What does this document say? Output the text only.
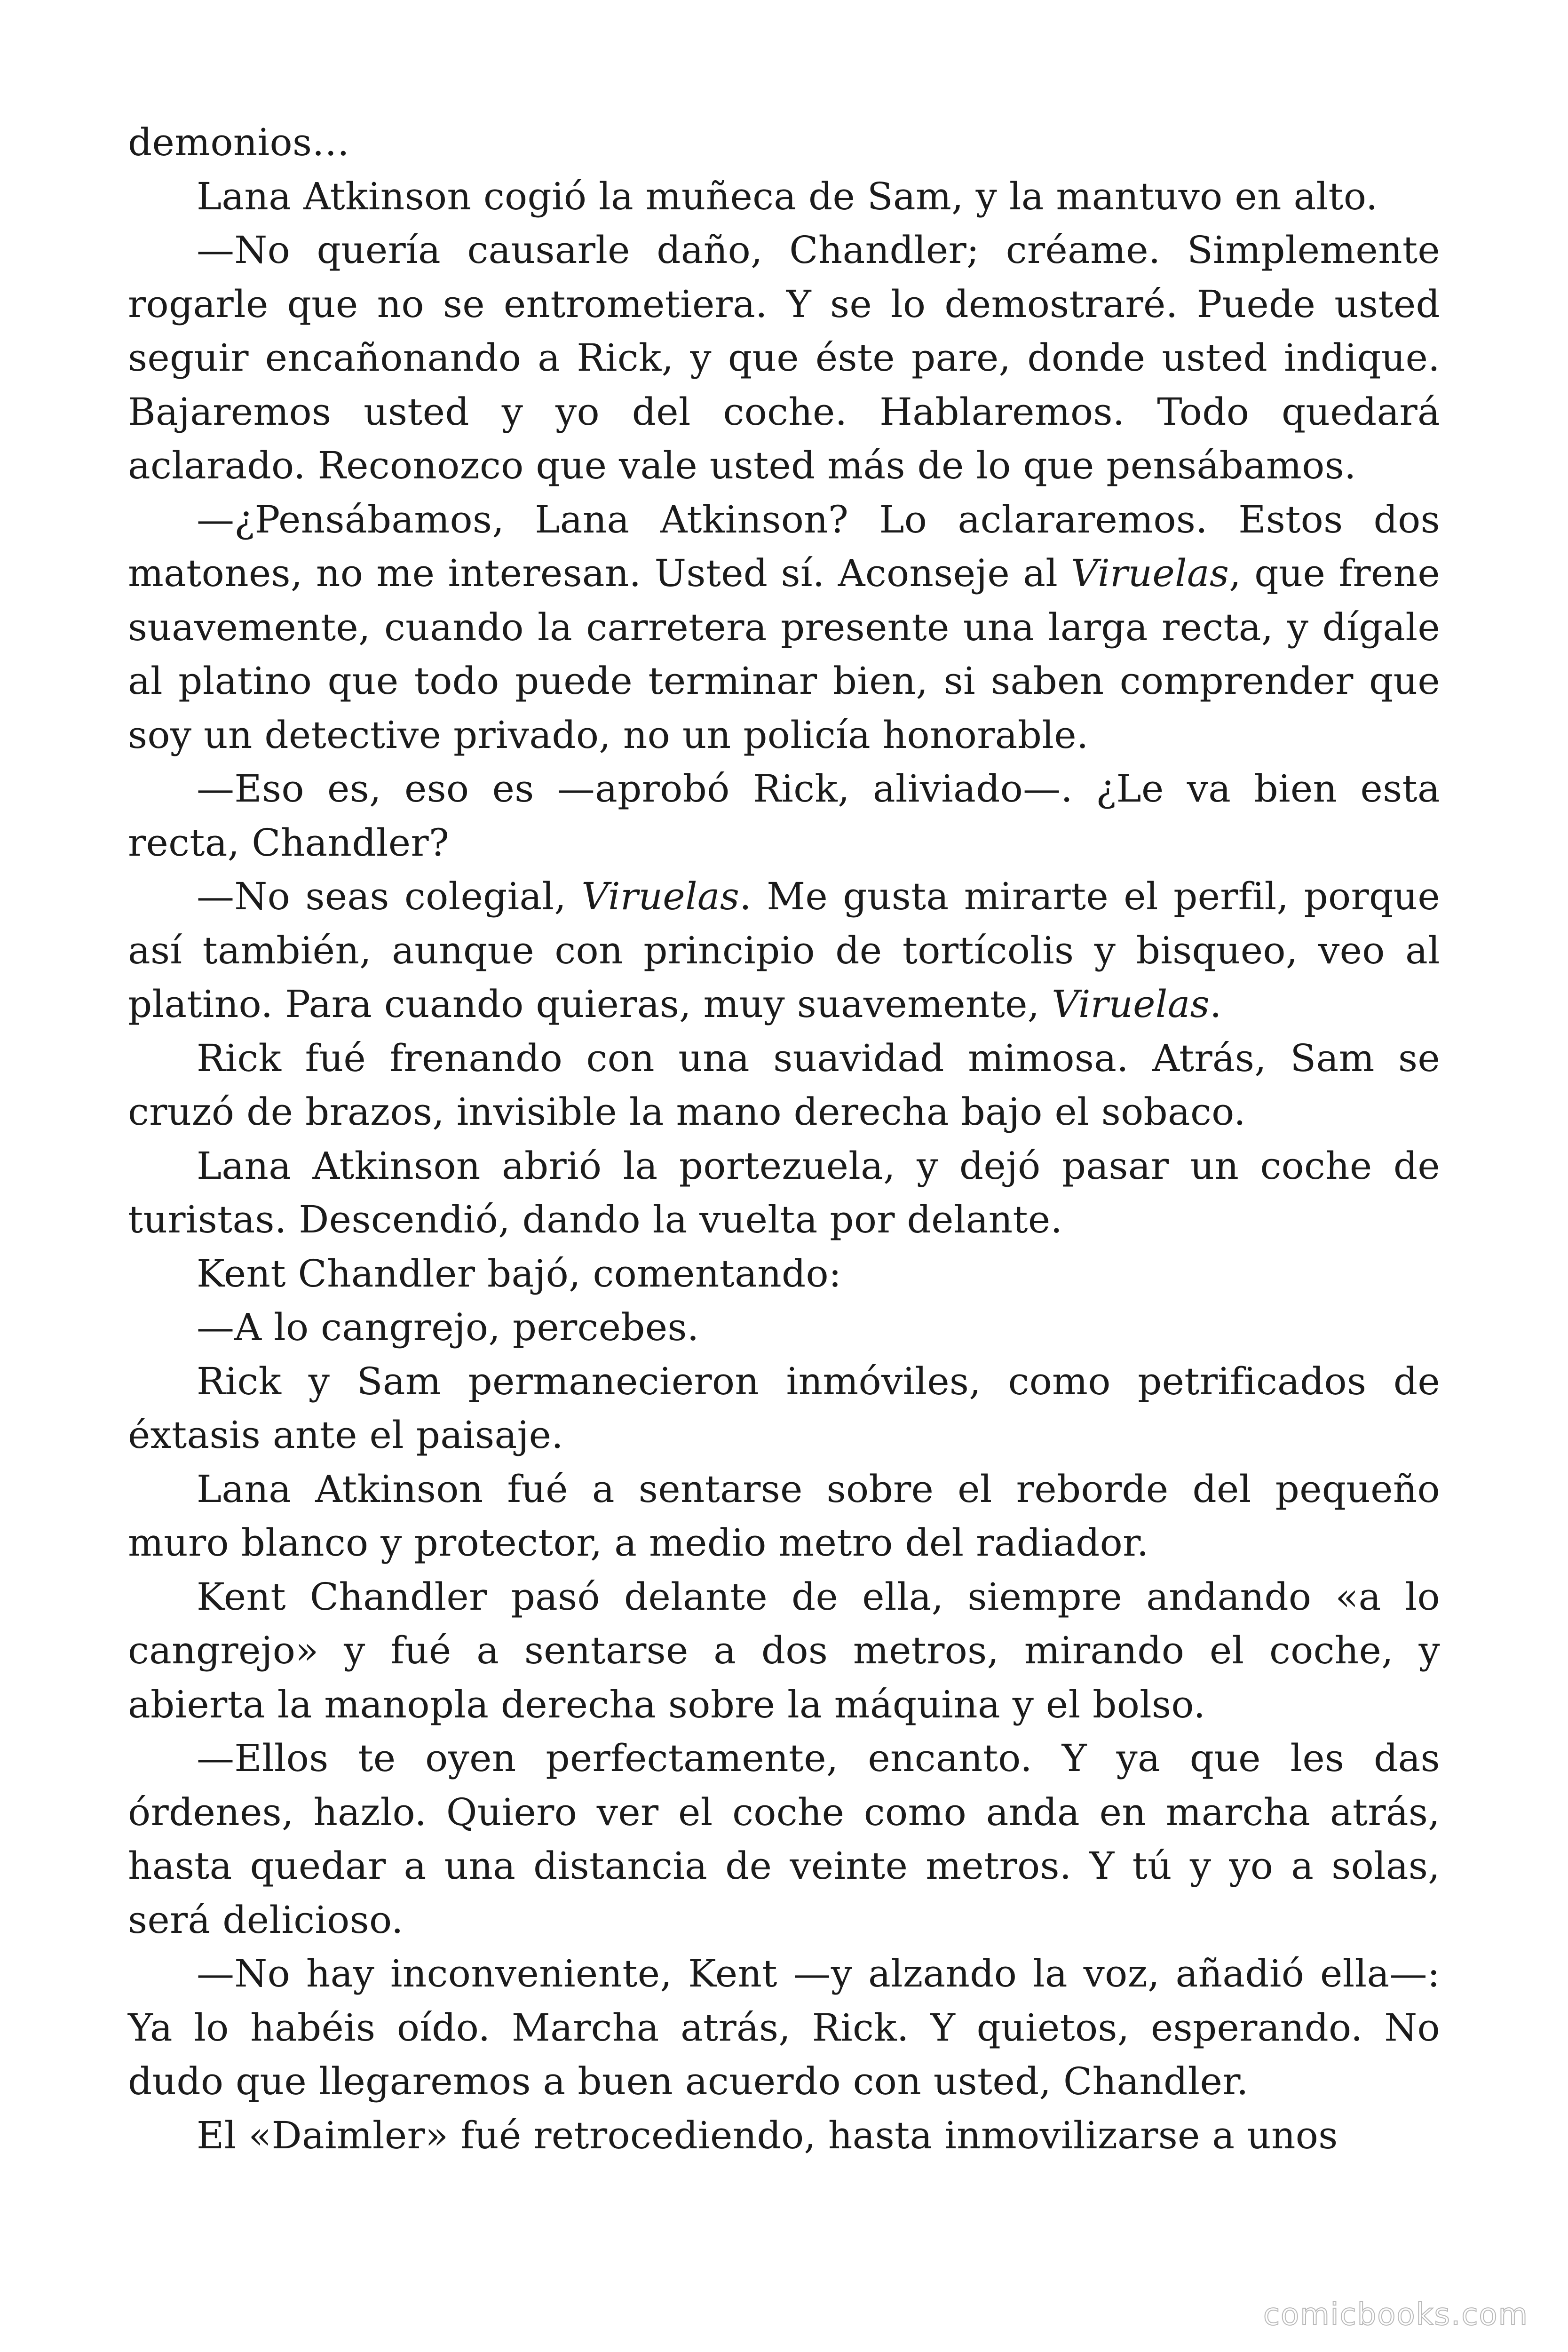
demonios…

Lana Atkinson cogió la muñeca de Sam, y la mantuvo en alto.

—No quería causarle daño, Chandler; créame. Simplemente rogarle que no se entrometiera. Y se lo demostraré. Puede usted seguir encañonando a Rick, y que éste pare, donde usted indique. Bajaremos usted y yo del coche. Hablaremos. Todo quedará aclarado. Reconozco que vale usted más de lo que pensábamos.

—¿Pensábamos, Lana Atkinson? Lo aclararemos. Estos dos matones, no me interesan. Usted sí. Aconseje al Viruelas, que frene suavemente, cuando la carretera presente una larga recta, y dígale al platino que todo puede terminar bien, si saben comprender que soy un detective privado, no un policía honorable.

—Eso es, eso es —aprobó Rick, aliviado—. ¿Le va bien esta recta, Chandler?

—No seas colegial, Viruelas. Me gusta mirarte el perfil, porque así también, aunque con principio de tortícolis y bisqueo, veo al platino. Para cuando quieras, muy suavemente, Viruelas.

Rick fué frenando con una suavidad mimosa. Atrás, Sam se cruzó de brazos, invisible la mano derecha bajo el sobaco.

Lana Atkinson abrió la portezuela, y dejó pasar un coche de turistas. Descendió, dando la vuelta por delante.

Kent Chandler bajó, comentando:

—A lo cangrejo, percebes.

Rick y Sam permanecieron inmóviles, como petrificados de éxtasis ante el paisaje.

Lana Atkinson fué a sentarse sobre el reborde del pequeño muro blanco y protector, a medio metro del radiador.

Kent Chandler pasó delante de ella, siempre andando «a lo cangrejo» y fué a sentarse a dos metros, mirando el coche, y abierta la manopla derecha sobre la máquina y el bolso.

—Ellos te oyen perfectamente, encanto. Y ya que les das órdenes, hazlo. Quiero ver el coche como anda en marcha atrás, hasta quedar a una distancia de veinte metros. Y tú y yo a solas, será delicioso.

—No hay inconveniente, Kent —y alzando la voz, añadió ella—: Ya lo habéis oído. Marcha atrás, Rick. Y quietos, esperando. No dudo que llegaremos a buen acuerdo con usted, Chandler.

El «Daimler» fué retrocediendo, hasta inmovilizarse a unos

comicbooks.com
